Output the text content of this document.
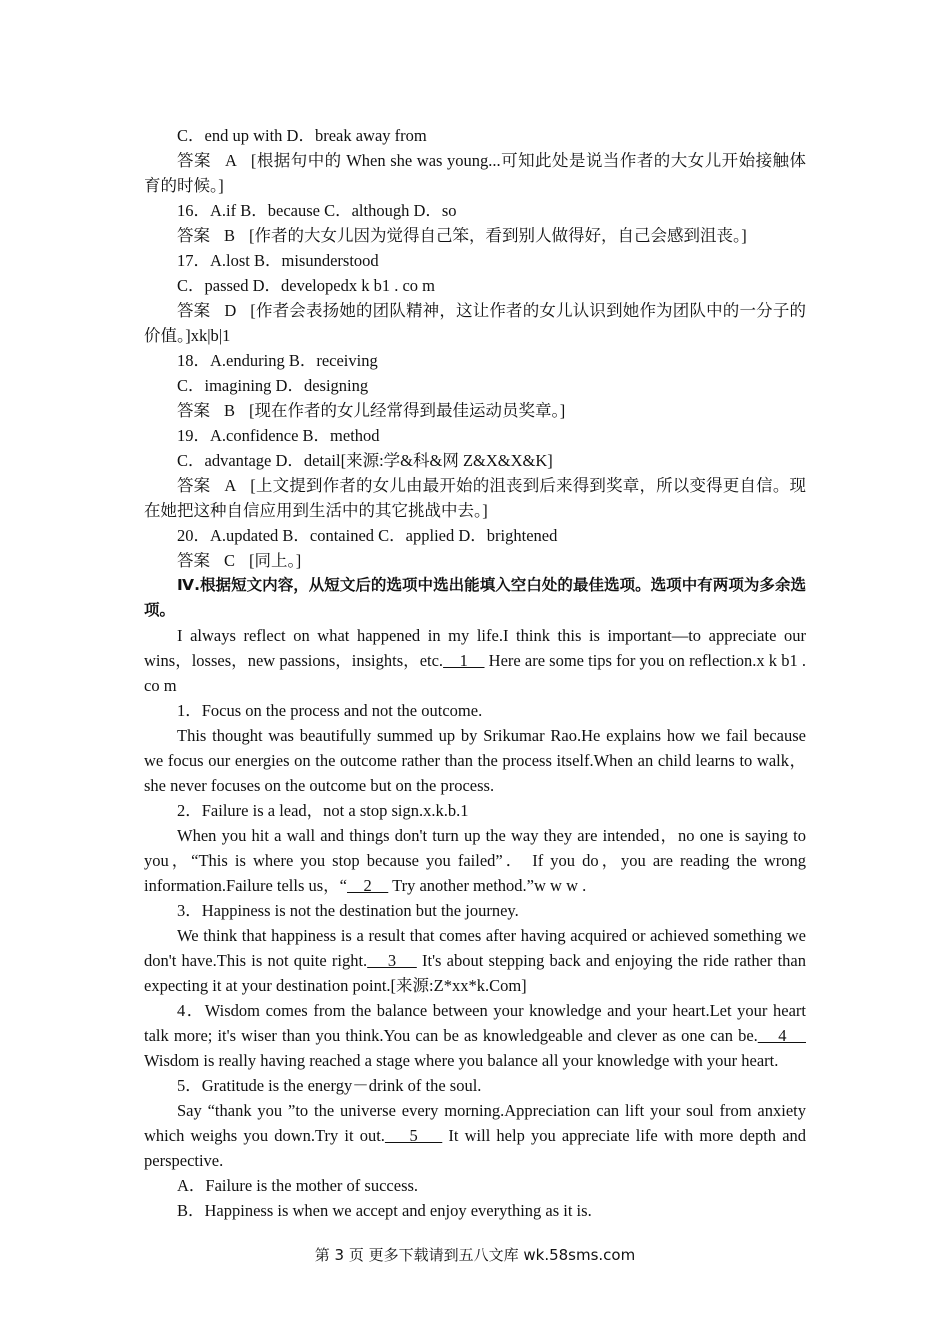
C．end up with D．break away from

答案 A [根据句中的 When she was young...可知此处是说当作者的大女儿开始接触体育的时候。]

16．A.if B．because C．although D．so

答案 B [作者的大女儿因为觉得自己笨，看到别人做得好，自己会感到沮丧。]

17．A.lost B．misunderstood

C．passed D．developedx k b1 . co m

答案 D [作者会表扬她的团队精神，这让作者的女儿认识到她作为团队中的一分子的价值。]xk|b|1

18．A.enduring B．receiving

C．imagining D．designing

答案 B [现在作者的女儿经常得到最佳运动员奖章。]

19．A.confidence B．method

C．advantage D．detail[来源:学&科&网 Z&X&X&K]

答案 A [上文提到作者的女儿由最开始的沮丧到后来得到奖章，所以变得更自信。现在她把这种自信应用到生活中的其它挑战中去。]

20．A.updated B．contained C．applied D．brightened

答案 C [同上。]

Ⅳ.根据短文内容，从短文后的选项中选出能填入空白处的最佳选项。选项中有两项为多余选项。

I always reflect on what happened in my life.I think this is important—to appreciate our wins，losses，new passions，insights，etc.    1     Here are some tips for you on reflection.x k b1 . co m

1．Focus on the process and not the outcome.

This thought was beautifully summed up by Srikumar Rao.He explains how we fail because we focus our energies on the outcome rather than the process itself.When an child learns to walk，she never focuses on the outcome but on the process.

2．Failure is a lead，not a stop sign.x.k.b.1

When you hit a wall and things don't turn up the way they are intended，no one is saying to you，“This is where you stop because you failed”． If you do，you are reading the wrong information.Failure tells us，“    2     Try another method.”w w w .

3．Happiness is not the destination but the journey.

We think that happiness is a result that comes after having acquired or achieved something we don't have.This is not quite right.    3     It's about stepping back and enjoying the ride rather than expecting it at your destination point.[来源:Z*xx*k.Com]

4．Wisdom comes from the balance between your knowledge and your heart.Let your heart talk more; it's wiser than you think.You can be as knowledgeable and clever as one can be.    4     Wisdom is really having reached a stage where you balance all your knowledge with your heart.

5．Gratitude is the energy－drink of the soul.

Say “thank you ”to the universe every morning.Appreciation can lift your soul from anxiety which weighs you down.Try it out.    5     It will help you appreciate life with more depth and perspective.

A．Failure is the mother of success.

B．Happiness is when we accept and enjoy everything as it is.

第 3 页 更多下载请到五八文库 wk.58sms.com
